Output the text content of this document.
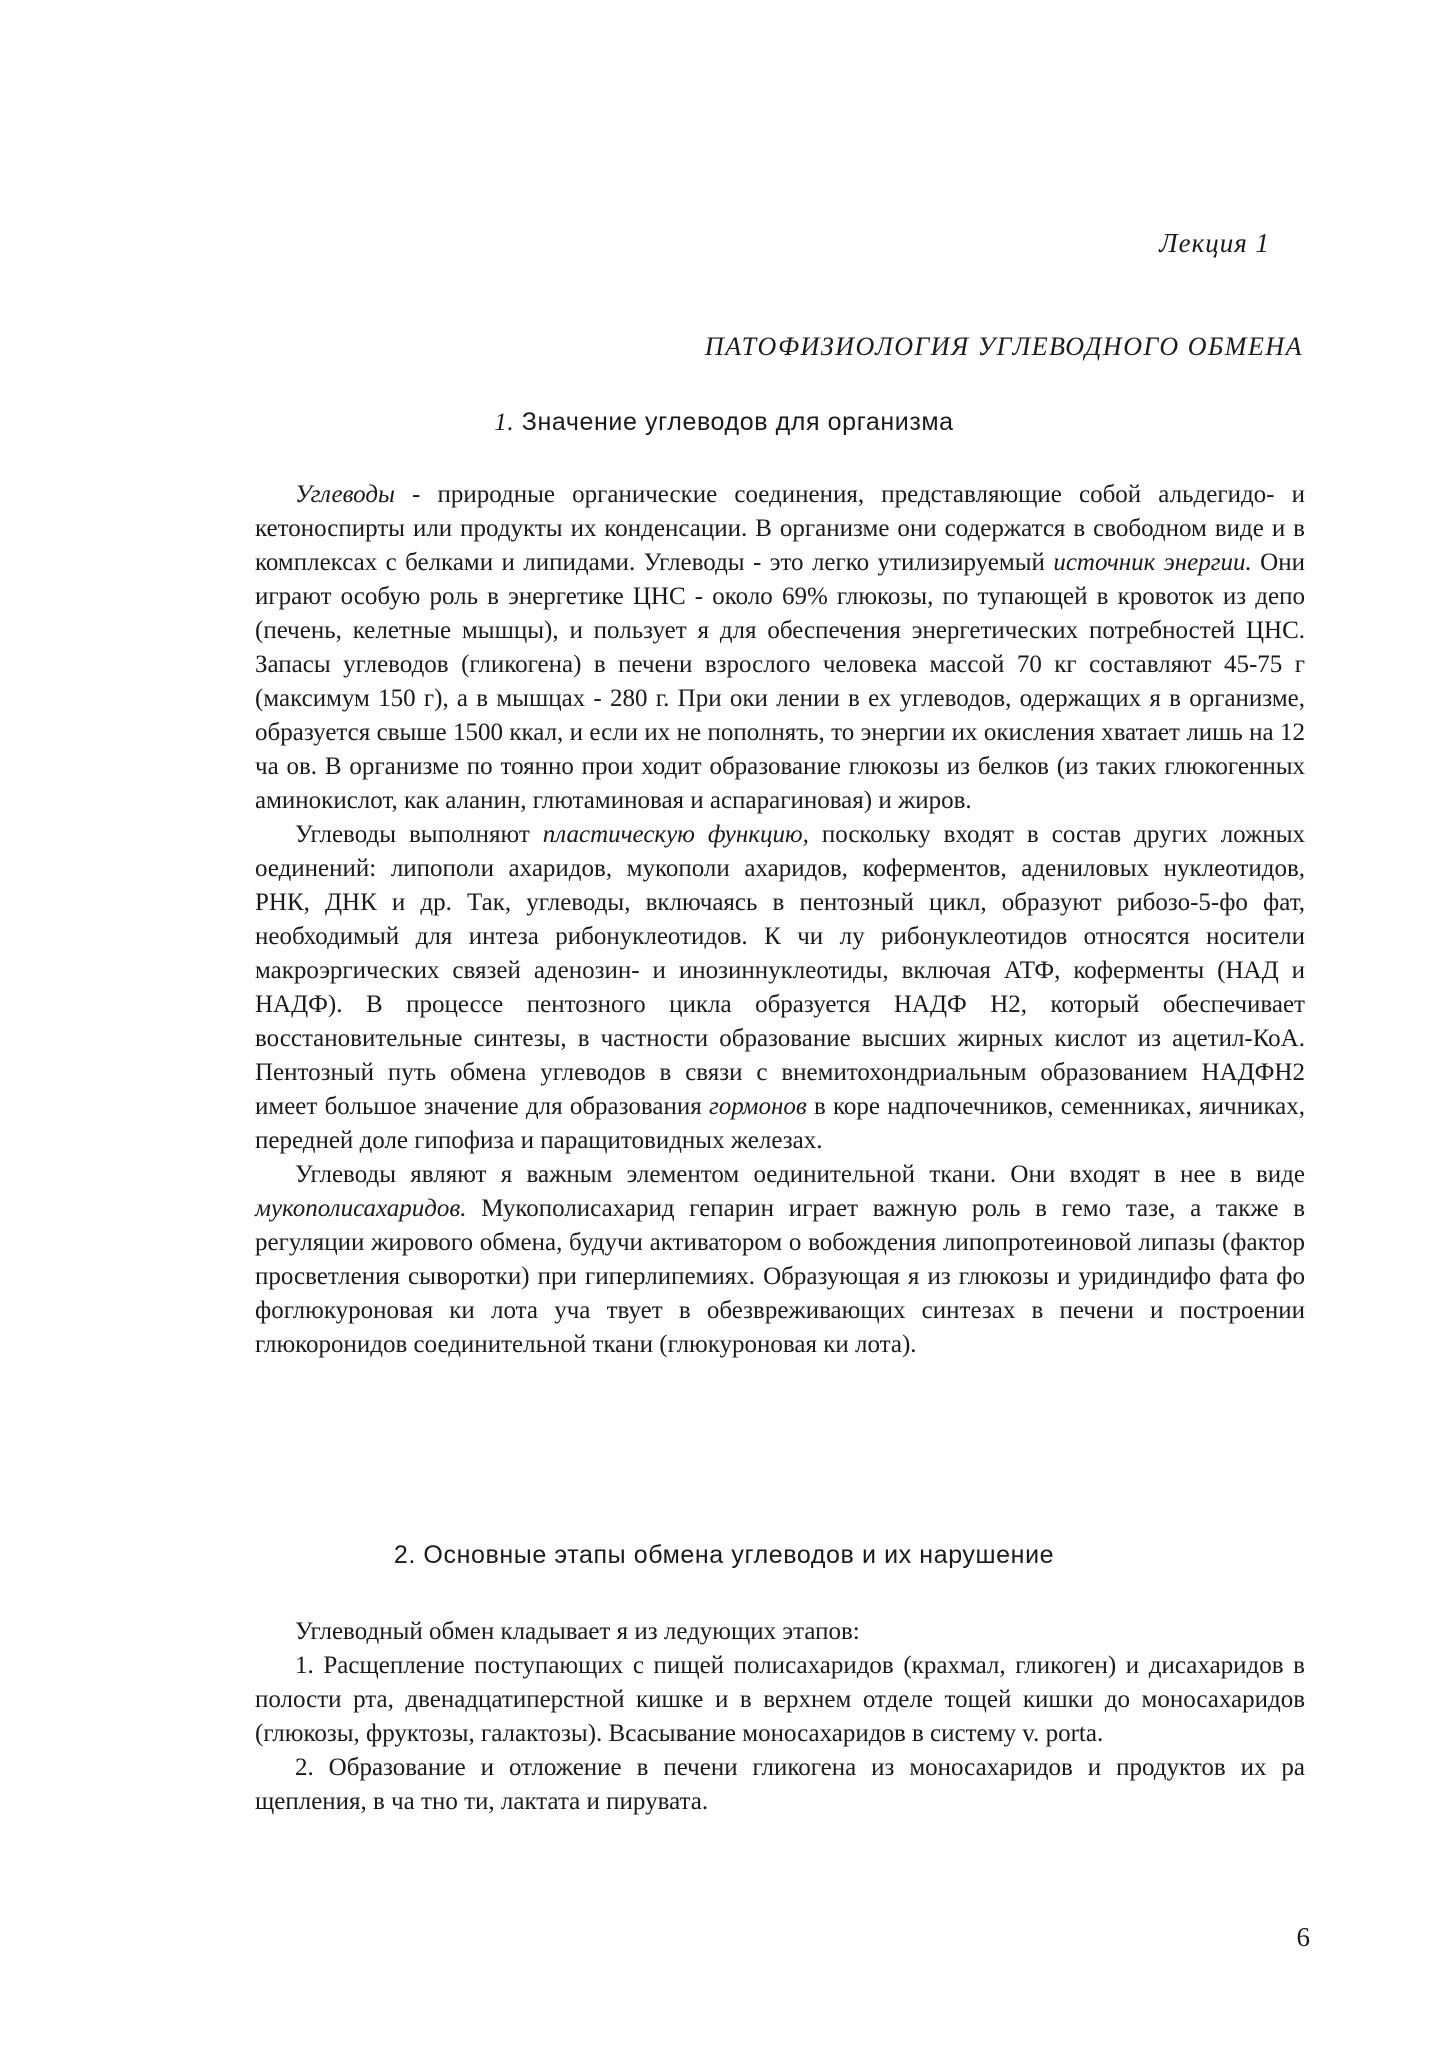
Лекция 1
ПАТОФИЗИОЛОГИЯ УГЛЕВОДНОГО ОБМЕНА
1. Значение углеводов для организма

Углеводы - природные органические соединения, представляющие собой альдегидо- и кетоноспирты или продукты их конденсации. В организме они содержатся в свободном виде и в комплексах с белками и липидами. Углеводы - это легко утилизируемый источник энергии. Они играют особую роль в энергетике ЦНС - около 69% глюкозы, по тупающей в кровоток из депо (печень, келетные мышцы), и пользует я для обеспечения энергетических потребностей ЦНС. Запасы углеводов (гликогена) в печени взрослого человека массой 70 кг составляют 45-75 г (максимум 150 г), а в мышцах - 280 г. При оки лении в ех углеводов, одержащих я в организме, образуется свыше 1500 ккал, и если их не пополнять, то энергии их окисления хватает лишь на 12 ча ов. В организме по тоянно прои ходит образование глюкозы из белков (из таких глюкогенных аминокислот, как аланин, глютаминовая и аспарагиновая) и жиров.

Углеводы выполняют пластическую функцию, поскольку входят в состав других ложных оединений: липополи ахаридов, мукополи ахаридов, коферментов, адениловых нуклеотидов, РНК, ДНК и др. Так, углеводы, включаясь в пентозный цикл, образуют рибозо-5-фо фат, необходимый для интеза рибонуклеотидов. К чи лу рибонуклеотидов относятся носители макроэргических связей аденозин- и инозиннуклеотиды, включая АТФ, коферменты (НАД и НАДФ). В процессе пентозного цикла образуется НАДФ Н2, который обеспечивает восстановительные синтезы, в частности образование высших жирных кислот из ацетил-КоА. Пентозный путь обмена углеводов в связи с внемитохондриальным образованием НАДФН2 имеет большое значение для образования гормонов в коре надпочечников, семенниках, яичниках, передней доле гипофиза и паращитовидных железах.

Углеводы являют я важным элементом оединительной ткани. Они входят в нее в виде мукополисахаридов. Мукополисахарид гепарин играет важную роль в гемо тазе, а также в регуляции жирового обмена, будучи активатором о вобождения липопротеиновой липазы (фактор просветления сыворотки) при гиперлипемиях. Образующая я из глюкозы и уридиндифо фата фо фоглюкуроновая ки лота уча твует в обезвреживающих синтезах в печени и построении глюкоронидов соединительной ткани (глюкуроновая ки лота).

2. Основные этапы обмена углеводов и их нарушение

Углеводный обмен кладывает я из ледующих этапов:

1. Расщепление поступающих с пищей полисахаридов (крахмал, гликоген) и дисахаридов в полости рта, двенадцатиперстной кишке и в верхнем отделе тощей кишки до моносахаридов (глюкозы, фруктозы, галактозы). Всасывание моносахаридов в систему v. porta.

2. Образование и отложение в печени гликогена из моносахаридов и продуктов их ра щепления, в ча тно ти, лактата и пирувата.

6
